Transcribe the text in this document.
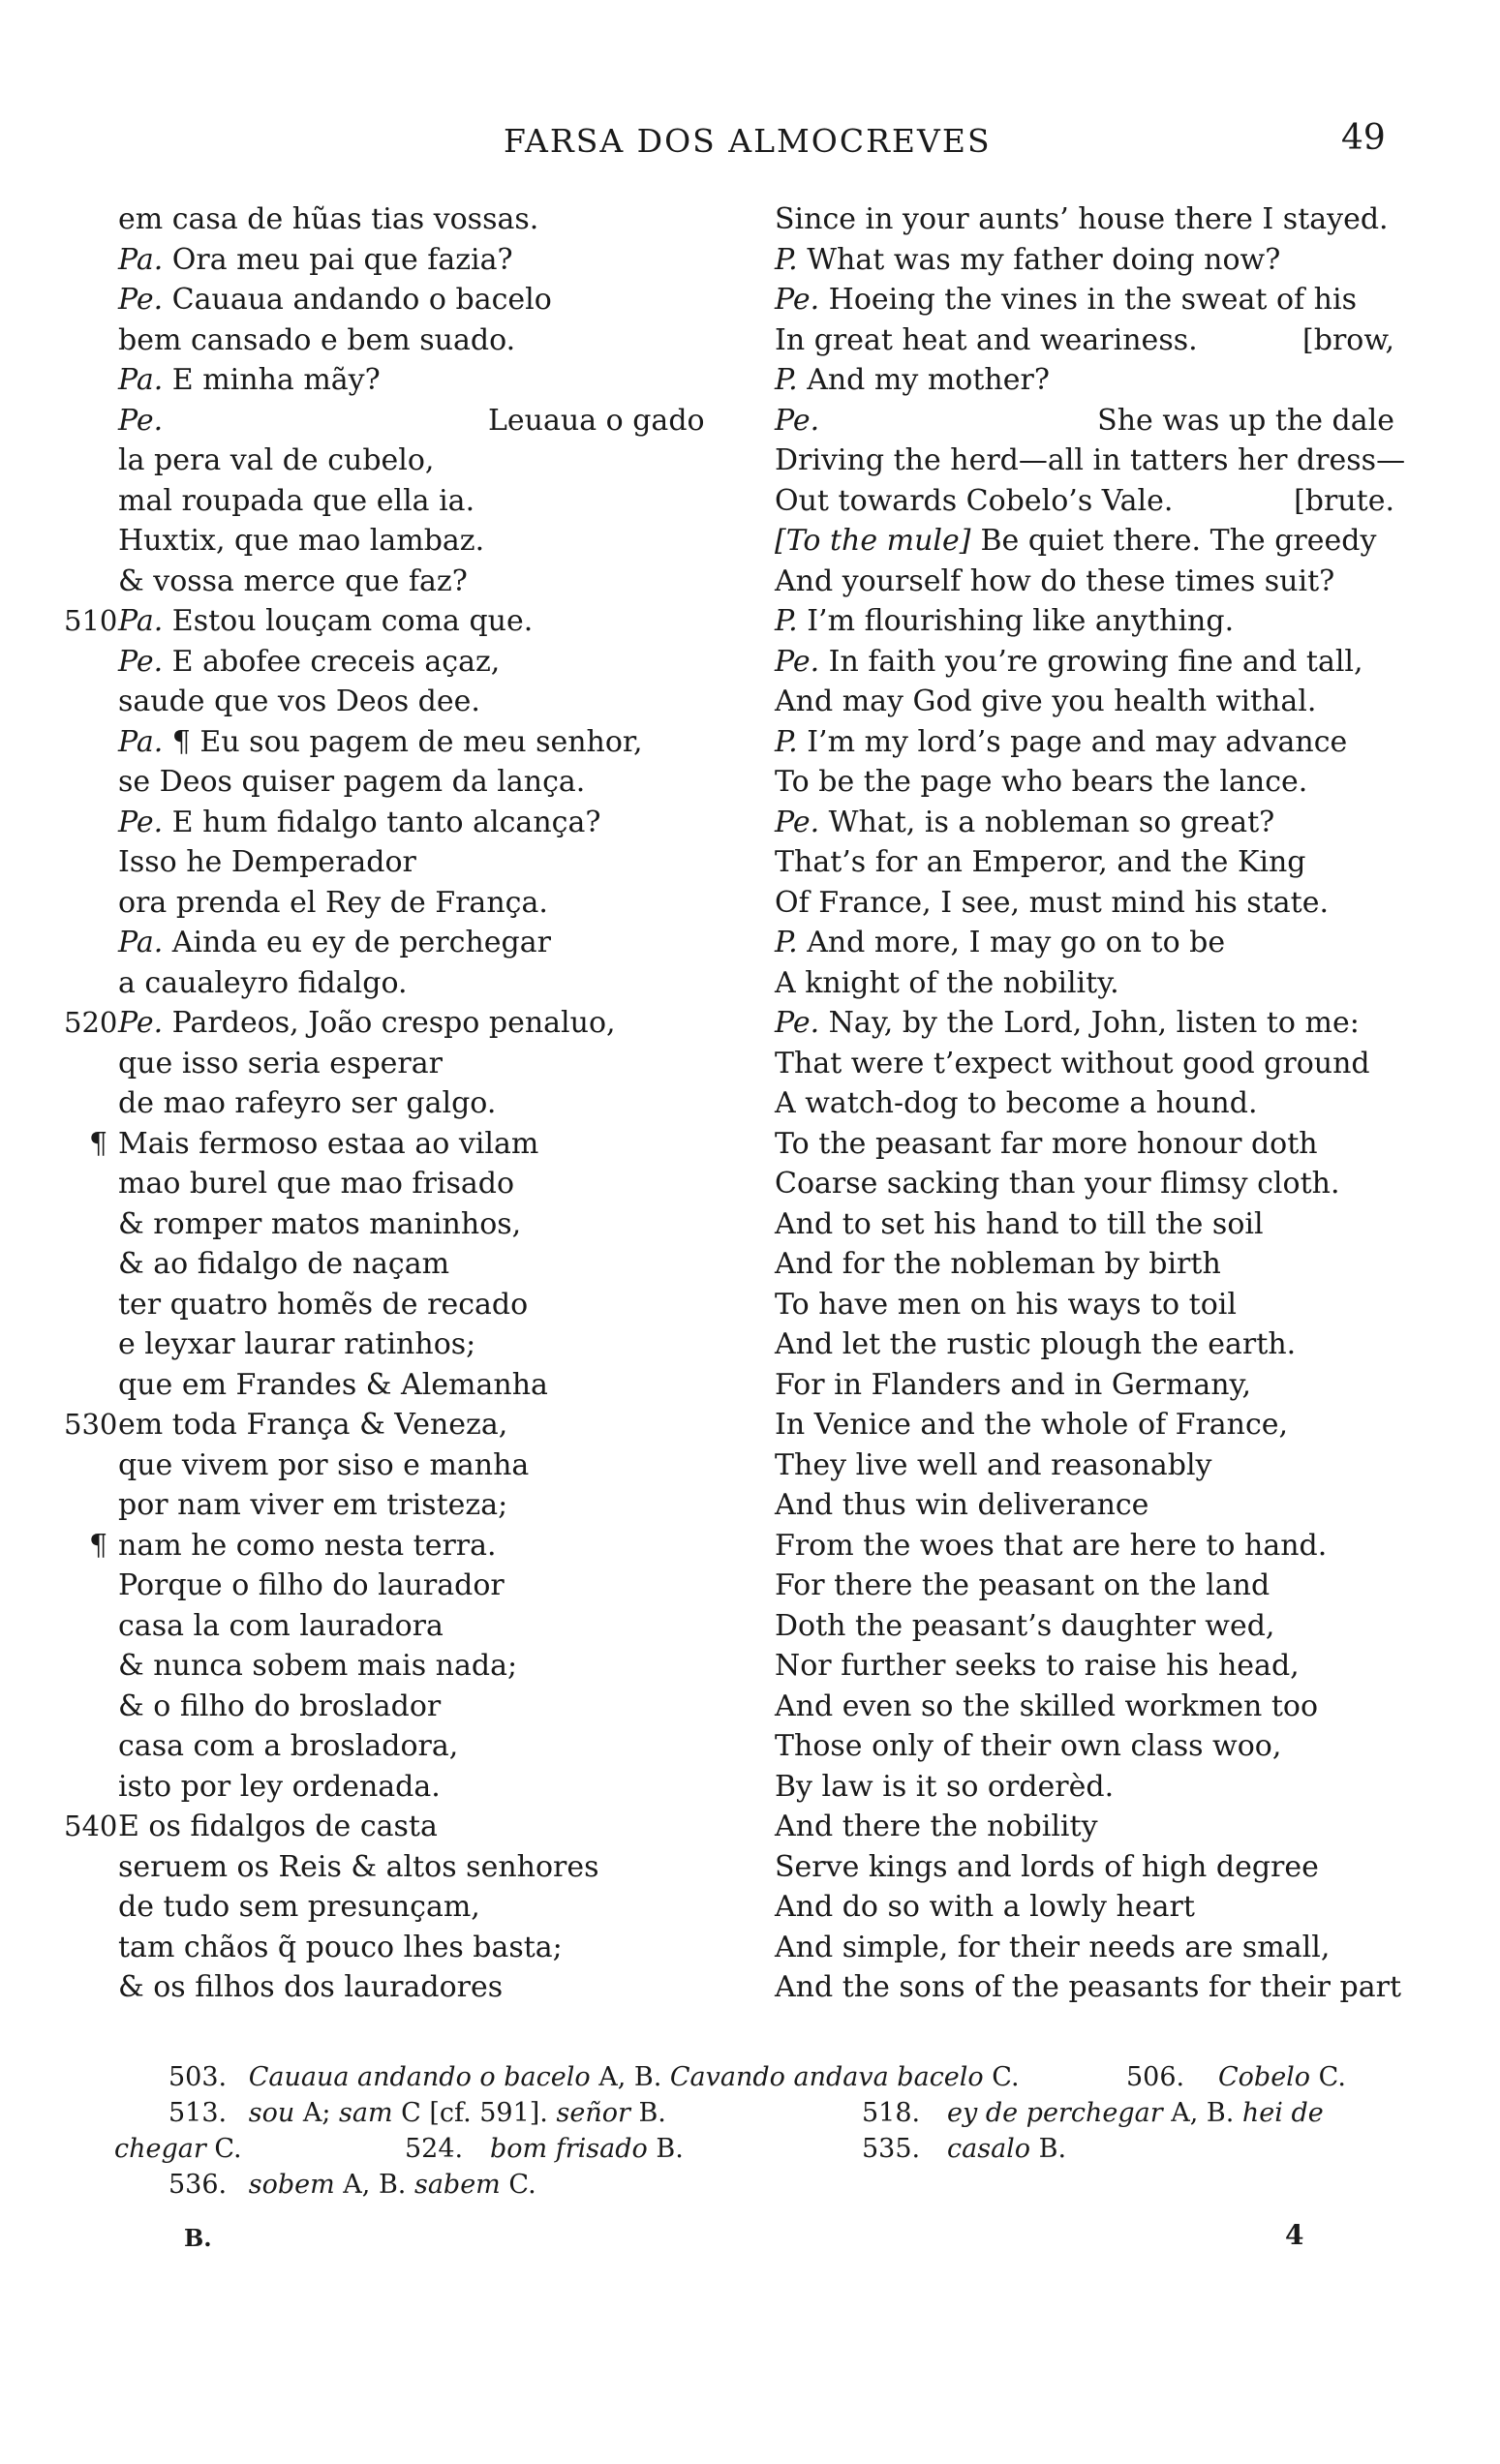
FARSA DOS ALMOCREVES	49
em casa de hũas tias vossas.
Pa. Ora meu pai que fazia?
Pe. Cauaua andando o bacelo
bem cansado e bem suado.
Pa. E minha mãy?
Pe.	Leuaua o gado
la pera val de cubelo,
mal roupada que ella ia.
Huxtix, que mao lambaz.
& vossa merce que faz?
510 Pa. Estou louçam coma que.
Pe. E abofee creceis açaz,
saude que vos Deos dee.
Pa. ¶ Eu sou pagem de meu senhor,
se Deos quiser pagem da lança.
Pe. E hum fidalgo tanto alcança?
Isso he Demperador
ora prenda el Rey de França.
Pa. Ainda eu ey de perchegar
a caualeyro fidalgo.
520 Pe. Pardeos, João crespo penaluo,
que isso seria esperar
de mao rafeyro ser galgo.
¶ Mais fermoso estaa ao vilam
mao burel que mao frisado
& romper matos maninhos,
& ao fidalgo de naçam
ter quatro homẽs de recado
e leyxar laurar ratinhos;
que em Frandes & Alemanha
530 em toda França & Veneza,
que vivem por siso e manha
por nam viver em tristeza;
¶ nam he como nesta terra.
Porque o filho do laurador
casa la com lauradora
& nunca sobem mais nada;
& o filho do broslador
casa com a brosladora,
isto por ley ordenada.
540 E os fidalgos de casta
seruem os Reis & altos senhores
de tudo sem presunçam,
tam chãos q̃ pouco lhes basta;
& os filhos dos lauradores
Since in your aunts’ house there I stayed.
P. What was my father doing now?
Pe. Hoeing the vines in the sweat of his
In great heat and weariness.	[brow,
P. And my mother?
Pe.	She was up the dale
Driving the herd—all in tatters her dress—
Out towards Cobelo’s Vale.	[brute.
[To the mule] Be quiet there. The greedy
And yourself how do these times suit?
P. I’m flourishing like anything.
Pe. In faith you’re growing fine and tall,
And may God give you health withal.
P. I’m my lord’s page and may advance
To be the page who bears the lance.
Pe. What, is a nobleman so great?
That’s for an Emperor, and the King
Of France, I see, must mind his state.
P. And more, I may go on to be
A knight of the nobility.
Pe. Nay, by the Lord, John, listen to me:
That were t’expect without good ground
A watch-dog to become a hound.
To the peasant far more honour doth
Coarse sacking than your flimsy cloth.
And to set his hand to till the soil
And for the nobleman by birth
To have men on his ways to toil
And let the rustic plough the earth.
For in Flanders and in Germany,
In Venice and the whole of France,
They live well and reasonably
And thus win deliverance
From the woes that are here to hand.
For there the peasant on the land
Doth the peasant’s daughter wed,
Nor further seeks to raise his head,
And even so the skilled workmen too
Those only of their own class woo,
By law is it so orderèd.
And there the nobility
Serve kings and lords of high degree
And do so with a lowly heart
And simple, for their needs are small,
And the sons of the peasants for their part
503. Cauaua andando o bacelo A, B. Cavando andava bacelo C.	506. Cobelo C.
513. sou A; sam C [cf. 591]. señor B.	518. ey de perchegar A, B. hei de
chegar C.	524. bom frisado B.	535. casalo B.
536. sobem A, B. sabem C.
B.	4
